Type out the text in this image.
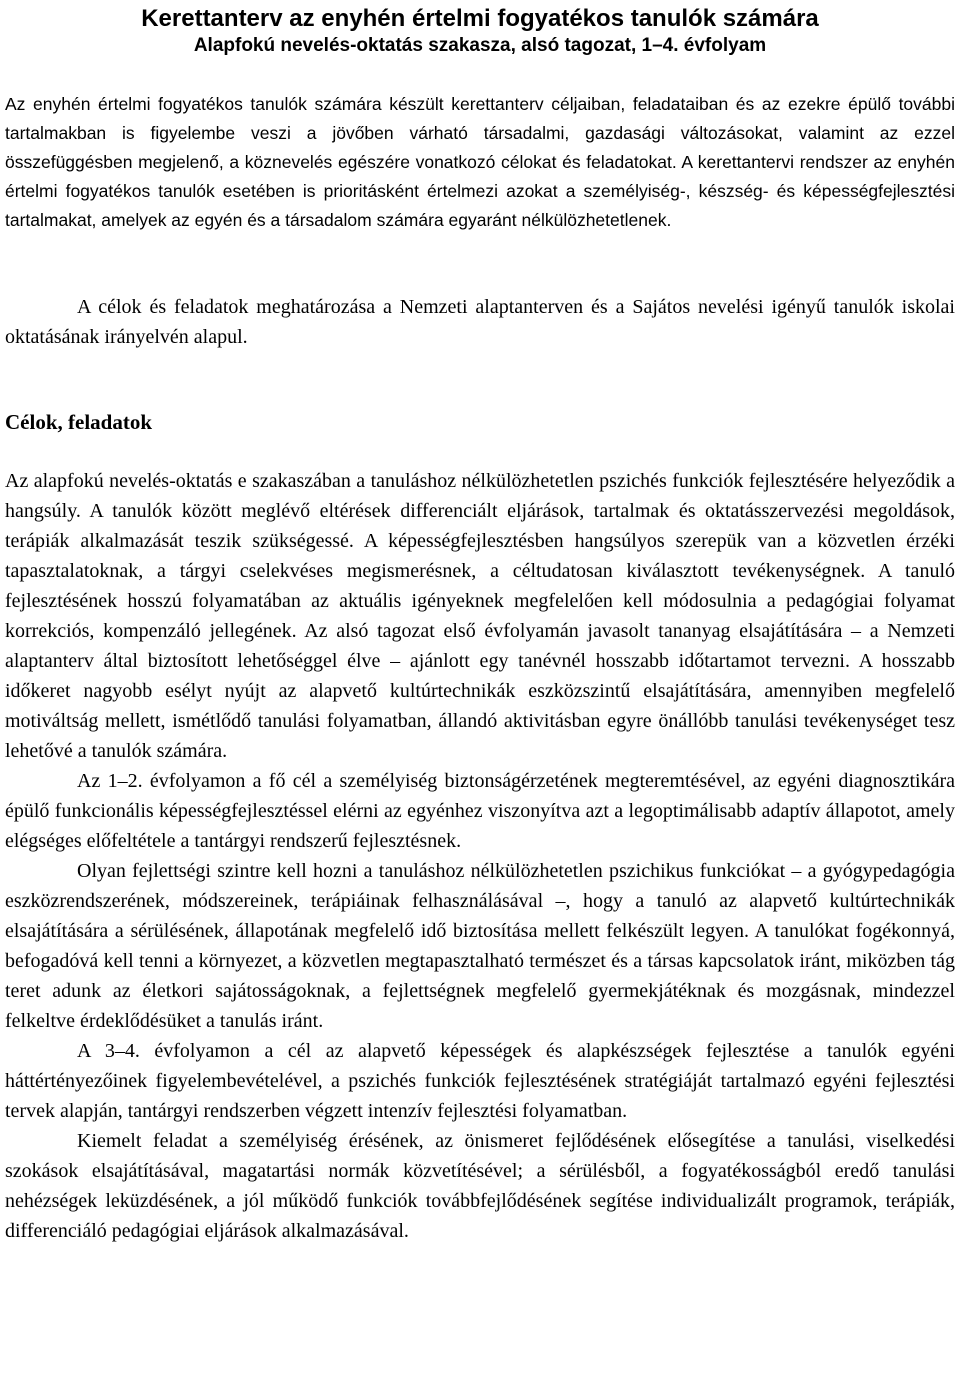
Kerettanterv az enyhén értelmi fogyatékos tanulók számára

Alapfokú nevelés-oktatás szakasza, alsó tagozat, 1–4. évfolyam

Az enyhén értelmi fogyatékos tanulók számára készült kerettanterv céljaiban, feladataiban és az ezekre épülő további tartalmakban is figyelembe veszi a jövőben várható társadalmi, gazdasági változásokat, valamint az ezzel összefüggésben megjelenő, a köznevelés egészére vonatkozó célokat és feladatokat. A kerettantervi rendszer az enyhén értelmi fogyatékos tanulók esetében is prioritásként értelmezi azokat a személyiség-, készség- és képességfejlesztési tartalmakat, amelyek az egyén és a társadalom számára egyaránt nélkülözhetetlenek.

A célok és feladatok meghatározása a Nemzeti alaptanterven és a Sajátos nevelési igényű tanulók iskolai oktatásának irányelvén alapul.

Célok, feladatok

Az alapfokú nevelés-oktatás e szakaszában a tanuláshoz nélkülözhetetlen pszichés funkciók fejlesztésére helyeződik a hangsúly. A tanulók között meglévő eltérések differenciált eljárások, tartalmak és oktatásszervezési megoldások, terápiák alkalmazását teszik szükségessé. A képességfejlesztésben hangsúlyos szerepük van a közvetlen érzéki tapasztalatoknak, a tárgyi cselekvéses megismerésnek, a céltudatosan kiválasztott tevékenységnek. A tanuló fejlesztésének hosszú folyamatában az aktuális igényeknek megfelelően kell módosulnia a pedagógiai folyamat korrekciós, kompenzáló jellegének. Az alsó tagozat első évfolyamán javasolt tananyag elsajátítására – a Nemzeti alaptanterv által biztosított lehetőséggel élve – ajánlott egy tanévnél hosszabb időtartamot tervezni. A hosszabb időkeret nagyobb esélyt nyújt az alapvető kultúrtechnikák eszközszintű elsajátítására, amennyiben megfelelő motiváltság mellett, ismétlődő tanulási folyamatban, állandó aktivitásban egyre önállóbb tanulási tevékenységet tesz lehetővé a tanulók számára.

Az 1–2. évfolyamon a fő cél a személyiség biztonságérzetének megteremtésével, az egyéni diagnosztikára épülő funkcionális képességfejlesztéssel elérni az egyénhez viszonyítva azt a legoptimálisabb adaptív állapotot, amely elégséges előfeltétele a tantárgyi rendszerű fejlesztésnek.

Olyan fejlettségi szintre kell hozni a tanuláshoz nélkülözhetetlen pszichikus funkciókat – a gyógypedagógia eszközrendszerének, módszereinek, terápiáinak felhasználásával –, hogy a tanuló az alapvető kultúrtechnikák elsajátítására a sérülésének, állapotának megfelelő idő biztosítása mellett felkészült legyen. A tanulókat fogékonnyá, befogadóvá kell tenni a környezet, a közvetlen megtapasztalható természet és a társas kapcsolatok iránt, miközben tág teret adunk az életkori sajátosságoknak, a fejlettségnek megfelelő gyermekjátéknak és mozgásnak, mindezzel felkeltve érdeklődésüket a tanulás iránt.

A 3–4. évfolyamon a cél az alapvető képességek és alapkészségek fejlesztése a tanulók egyéni háttértényezőinek figyelembevételével, a pszichés funkciók fejlesztésének stratégiáját tartalmazó egyéni fejlesztési tervek alapján, tantárgyi rendszerben végzett intenzív fejlesztési folyamatban.

Kiemelt feladat a személyiség érésének, az önismeret fejlődésének elősegítése a tanulási, viselkedési szokások elsajátításával, magatartási normák közvetítésével; a sérülésből, a fogyatékosságból eredő tanulási nehézségek leküzdésének, a jól működő funkciók továbbfejlődésének segítése individualizált programok, terápiák, differenciáló pedagógiai eljárások alkalmazásával.
